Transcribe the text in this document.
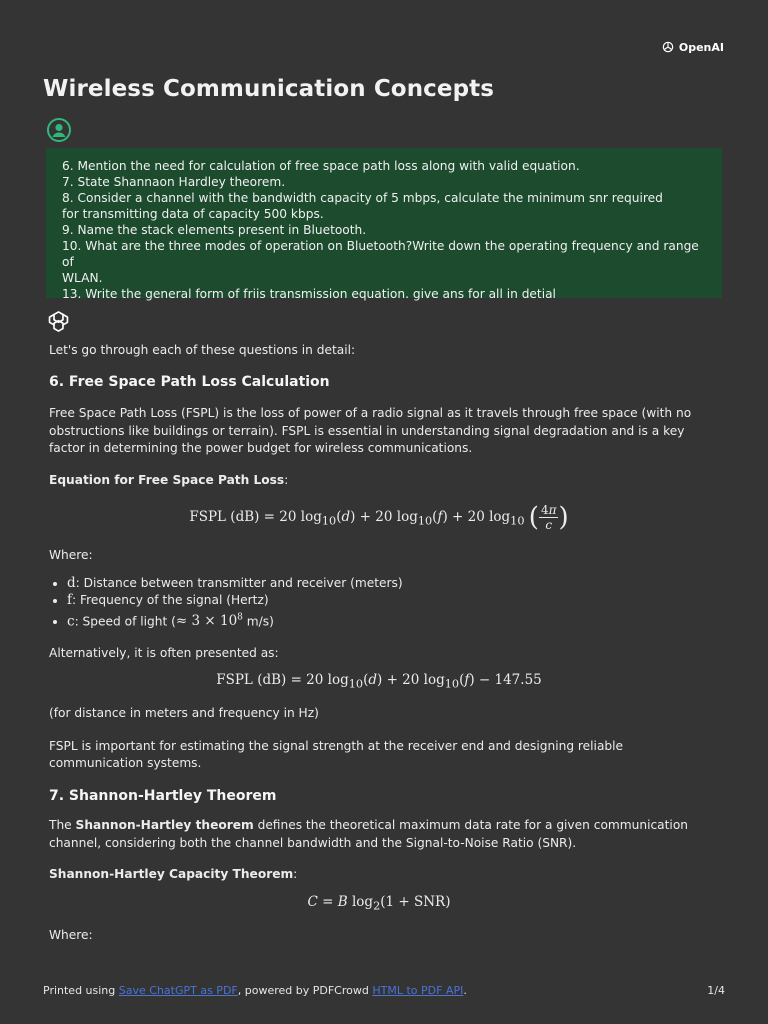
OpenAI
Wireless Communication Concepts
6. Mention the need for calculation of free space path loss along with valid equation.
7. State Shannaon Hardley theorem.
8. Consider a channel with the bandwidth capacity of 5 mbps, calculate the minimum snr required
for transmitting data of capacity 500 kbps.
9. Name the stack elements present in Bluetooth.
10. What are the three modes of operation on Bluetooth?Write down the operating frequency and range of
WLAN.
13. Write the general form of friis transmission equation. give ans for all in detial

Let's go through each of these questions in detail:

6. Free Space Path Loss Calculation

Free Space Path Loss (FSPL) is the loss of power of a radio signal as it travels through free space (with no obstructions like buildings or terrain). FSPL is essential in understanding signal degradation and is a key factor in determining the power budget for wireless communications.

Equation for Free Space Path Loss:

FSPL (dB) = 20 $\log_{10}(d) + 20$ $\log_{10}(f) + 20$ $\log_{10}$ ( $\frac{4\pi}{c}$ )

Where:

• d: Distance between transmitter and receiver (meters)
• f: Frequency of the signal (Hertz)
• c: Speed of light (≈ $3 \times 10^8$ m/s)

Alternatively, it is often presented as:

FSPL (dB) = 20 $\log_{10}(d) + 20$ $\log_{10}(f) - 147.55$

(for distance in meters and frequency in Hz)

FSPL is important for estimating the signal strength at the receiver end and designing reliable communication systems.

7. Shannon-Hartley Theorem

The Shannon-Hartley theorem defines the theoretical maximum data rate for a given communication channel, considering both the channel bandwidth and the Signal-to-Noise Ratio (SNR).

Shannon-Hartley Capacity Theorem:

C = B $\log_2(1 + SNR)$

Where:

Printed using Save ChatGPT as PDF, powered by PDFCrowd HTML to PDF API.	1/4
